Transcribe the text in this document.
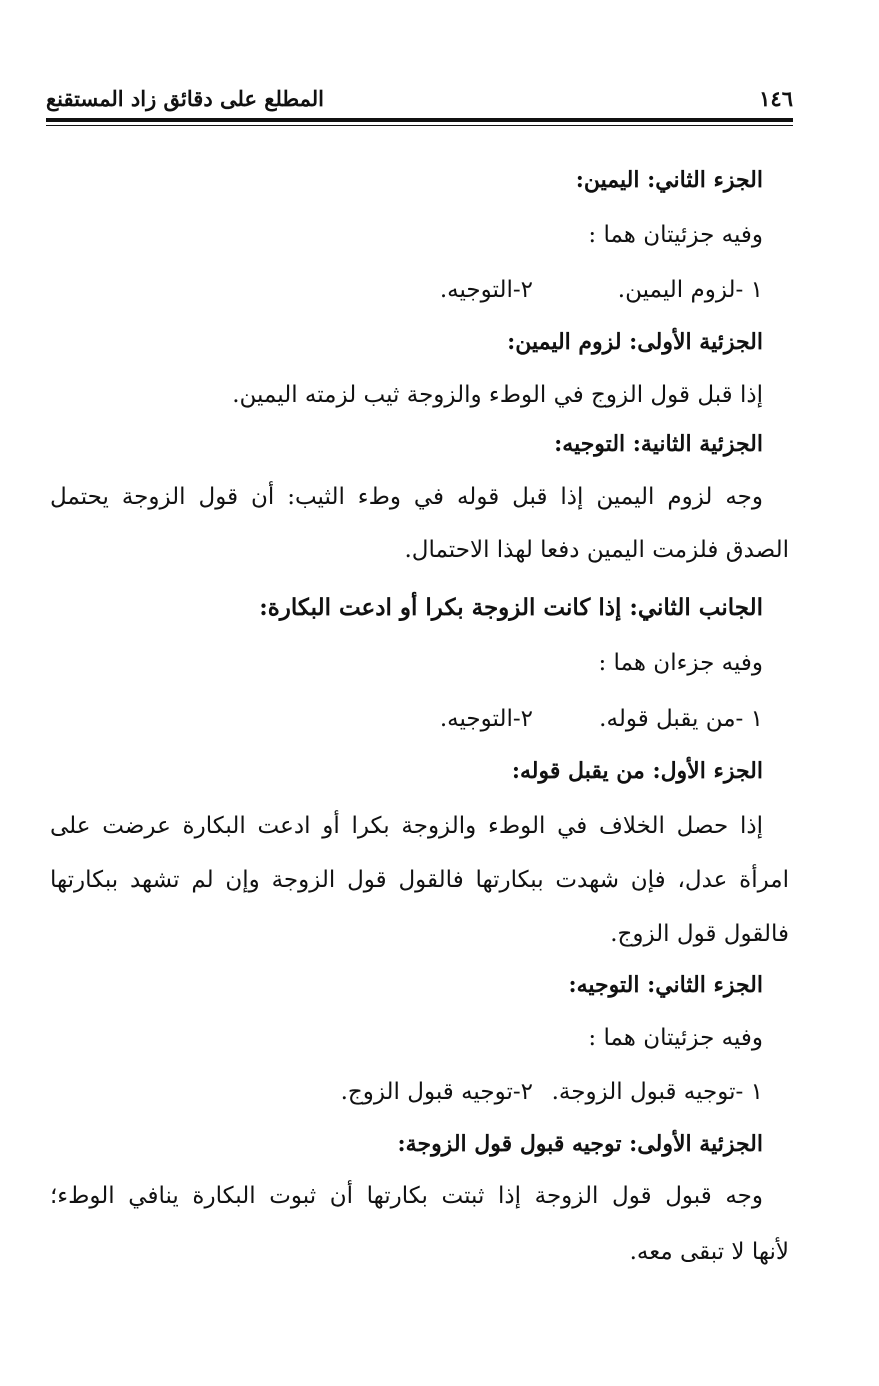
١٤٦
المطلع على دقائق زاد المستقنع
الجزء الثاني: اليمين:
وفيه جزئيتان هما :
١ -لزوم اليمين.
٢-التوجيه.
الجزئية الأولى: لزوم اليمين:
إذا قبل قول الزوج في الوطء والزوجة ثيب لزمته اليمين.
الجزئية الثانية: التوجيه:
وجه لزوم اليمين إذا قبل قوله في وطء الثيب: أن قول الزوجة يحتمل
الصدق فلزمت اليمين دفعا لهذا الاحتمال.
الجانب الثاني: إذا كانت الزوجة بكرا أو ادعت البكارة:
وفيه جزءان هما :
١ -من يقبل قوله.
٢-التوجيه.
الجزء الأول: من يقبل قوله:
إذا حصل الخلاف في الوطء والزوجة بكرا أو ادعت البكارة عرضت على
امرأة عدل، فإن شهدت ببكارتها فالقول قول الزوجة وإن لم تشهد ببكارتها
فالقول قول الزوج.
الجزء الثاني: التوجيه:
وفيه جزئيتان هما :
١ -توجيه قبول الزوجة.
٢-توجيه قبول الزوج.
الجزئية الأولى: توجيه قبول قول الزوجة:
وجه قبول قول الزوجة إذا ثبتت بكارتها أن ثبوت البكارة ينافي الوطء؛
لأنها لا تبقى معه.
